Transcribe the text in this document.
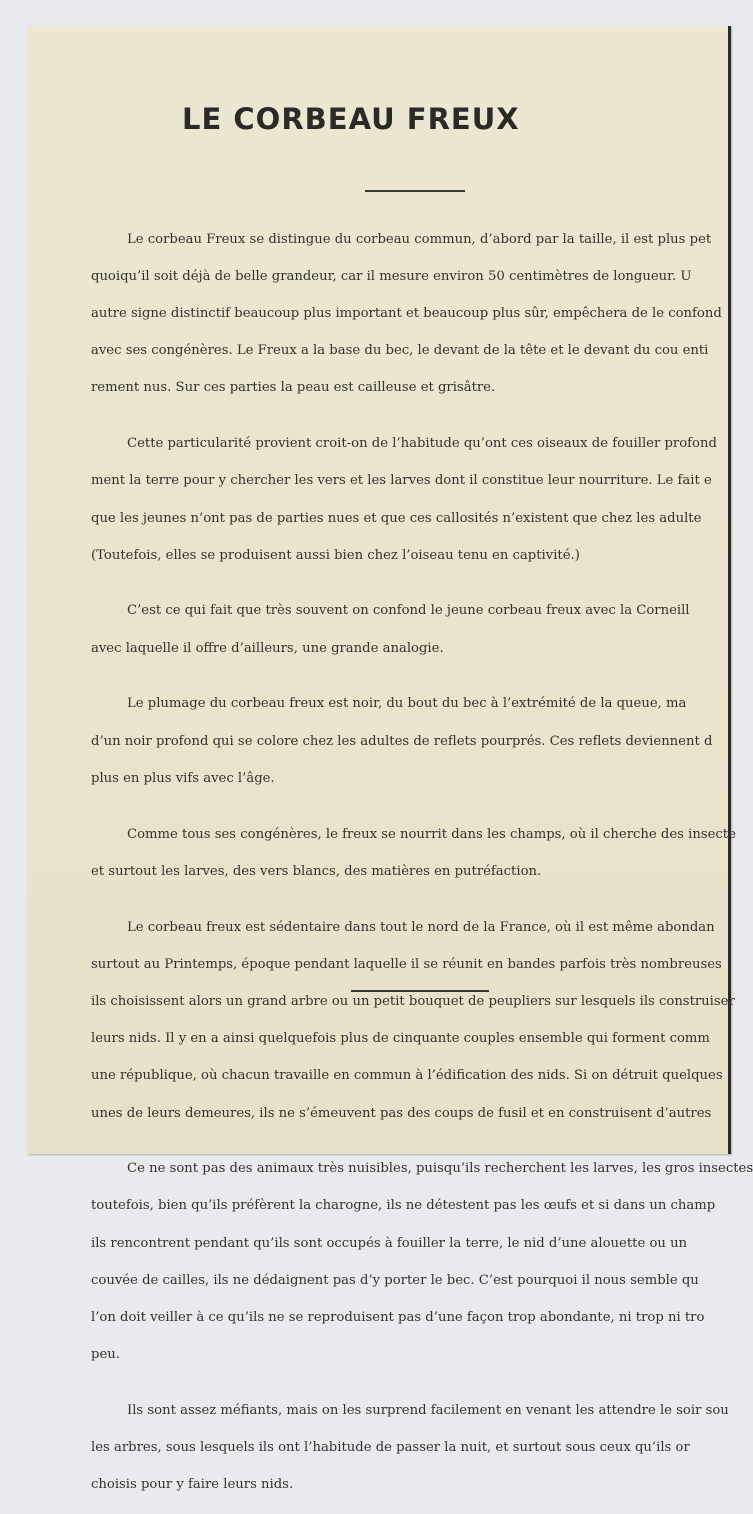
LE CORBEAU FREUX

Le corbeau Freux se distingue du corbeau commun, d’abord par la taille, il est plus pet

quoiqu’il soit déjà de belle grandeur, car il mesure environ 50 centimètres de longueur. U

autre signe distinctif beaucoup plus important et beaucoup plus sûr, empêchera de le confond

avec ses congénères. Le Freux a la base du bec, le devant de la tête et le devant du cou enti

rement nus. Sur ces parties la peau est cailleuse et grisâtre.

Cette particularité provient croit-on de l’habitude qu’ont ces oiseaux de fouiller profond

ment la terre pour y chercher les vers et les larves dont il constitue leur nourriture. Le fait e

que les jeunes n’ont pas de parties nues et que ces callosités n’existent que chez les adulte

(Toutefois, elles se produisent aussi bien chez l’oiseau tenu en captivité.)

C’est ce qui fait que très souvent on confond le jeune corbeau freux avec la Corneill

avec laquelle il offre d’ailleurs, une grande analogie.

Le plumage du corbeau freux est noir, du bout du bec à l’extrémité de la queue, ma

d’un noir profond qui se colore chez les adultes de reflets pourprés. Ces reflets deviennent d

plus en plus vifs avec l’âge.

Comme tous ses congénères, le freux se nourrit dans les champs, où il cherche des insecte

et surtout les larves, des vers blancs, des matières en putréfaction.

Le corbeau freux est sédentaire dans tout le nord de la France, où il est même abondan

surtout au Printemps, époque pendant laquelle il se réunit en bandes parfois très nombreuses

ils choisissent alors un grand arbre ou un petit bouquet de peupliers sur lesquels ils construiser

leurs nids. Il y en a ainsi quelquefois plus de cinquante couples ensemble qui forment comm

une république, où chacun travaille en commun à l’édification des nids. Si on détruit quelques

unes de leurs demeures, ils ne s’émeuvent pas des coups de fusil et en construisent d’autres

Ce ne sont pas des animaux très nuisibles, puisqu’ils recherchent les larves, les gros insectes

toutefois, bien qu’ils préfèrent la charogne, ils ne détestent pas les œufs et si dans un champ

ils rencontrent pendant qu’ils sont occupés à fouiller la terre, le nid d’une alouette ou un

couvée de cailles, ils ne dédaignent pas d’y porter le bec. C’est pourquoi il nous semble qu

l’on doit veiller à ce qu’ils ne se reproduisent pas d’une façon trop abondante, ni trop ni tro

peu.

Ils sont assez méfiants, mais on les surprend facilement en venant les attendre le soir sou

les arbres, sous lesquels ils ont l’habitude de passer la nuit, et surtout sous ceux qu’ils or

choisis pour y faire leurs nids.
